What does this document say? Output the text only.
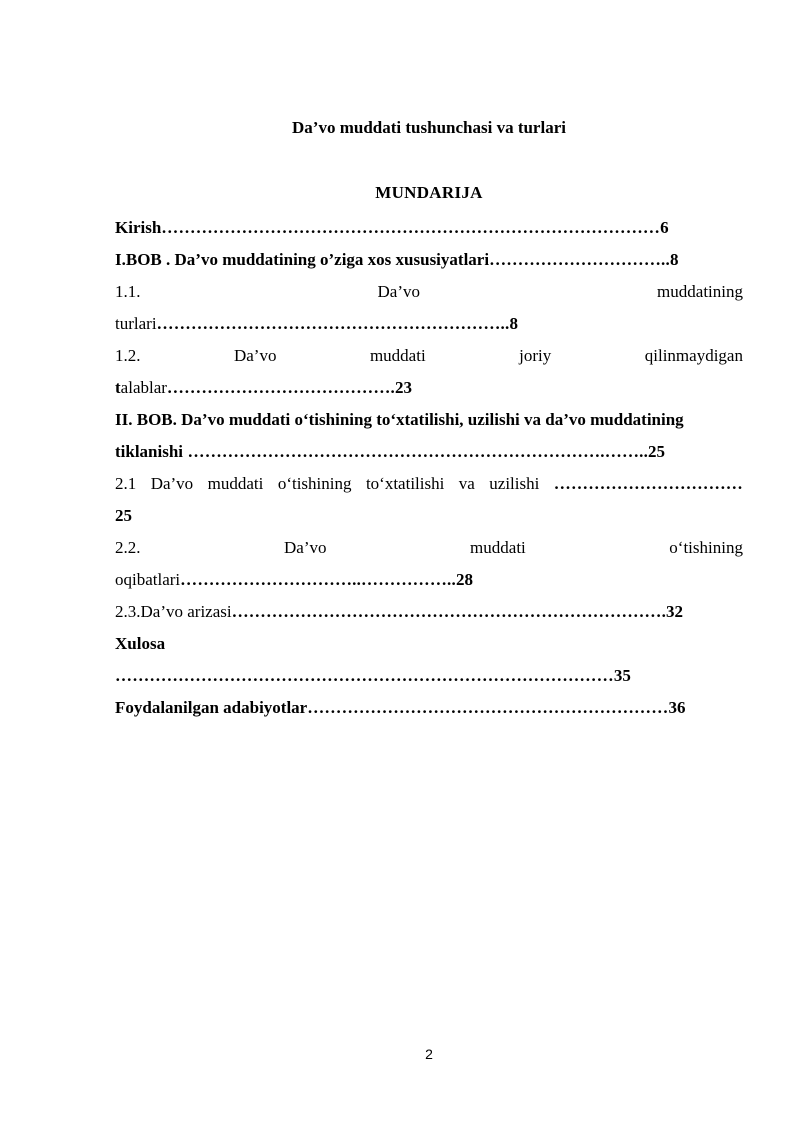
Da’vo muddati tushunchasi va turlari
MUNDARIJA
Kirish……………………………………………………………………………6
I.BOB . Da’vo muddatining o’ziga xos xususiyatlari…………………………..8
1.1.	Da’vo	muddatining
turlari……………………………………………………..8
1.2.	Da’vo	muddati	joriy	qilinmaydigan
talablar………………………………….23
II. BOB. Da’vo muddati o‘tishining to‘xtatilishi, uzilishi va da’vo muddatining
tiklanishi ……………………………………………………………….……..25
2.1 Da’vo muddati o‘tishining to‘xtatilishi va uzilishi ……………………………
25
2.2.	Da’vo	muddati	o‘tishining
oqibatlari…………………………..……………..28
2.3.Da’vo arizasi………………………………………………………………….32
Xulosa
……………………………………………………………………………35
Foydalanilgan adabiyotlar………………………………………………………36
2
